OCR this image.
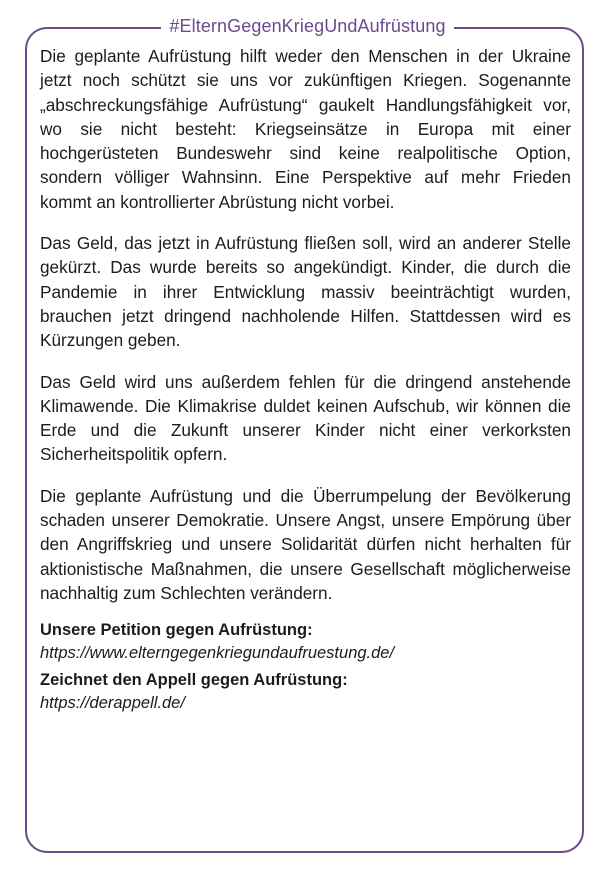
#ElternGegenKriegUndAufrüstung

Die geplante Aufrüstung hilft weder den Menschen in der Ukraine jetzt noch schützt sie uns vor zukünftigen Kriegen. Sogenannte „abschreckungsfähige Aufrüstung“ gaukelt Handlungsfähigkeit vor, wo sie nicht besteht: Kriegseinsätze in Europa mit einer hochgerüsteten Bundeswehr sind keine realpolitische Option, sondern völliger Wahnsinn. Eine Perspektive auf mehr Frieden kommt an kontrollierter Abrüstung nicht vorbei.

Das Geld, das jetzt in Aufrüstung fließen soll, wird an anderer Stelle gekürzt. Das wurde bereits so angekündigt. Kinder, die durch die Pandemie in ihrer Entwicklung massiv beeinträchtigt wurden, brauchen jetzt dringend nachholende Hilfen. Stattdessen wird es Kürzungen geben.

Das Geld wird uns außerdem fehlen für die dringend anstehende Klimawende. Die Klimakrise duldet keinen Aufschub, wir können die Erde und die Zukunft unserer Kinder nicht einer verkorksten Sicherheitspolitik opfern.

Die geplante Aufrüstung und die Überrumpelung der Bevölkerung schaden unserer Demokratie. Unsere Angst, unsere Empörung über den Angriffskrieg und unsere Solidarität dürfen nicht herhalten für aktionistische Maßnahmen, die unsere Gesellschaft möglicherweise nachhaltig zum Schlechten verändern.

Unsere Petition gegen Aufrüstung:
https://www.elterngegenkriegundaufruestung.de/
Zeichnet den Appell gegen Aufrüstung:
https://derappell.de/
